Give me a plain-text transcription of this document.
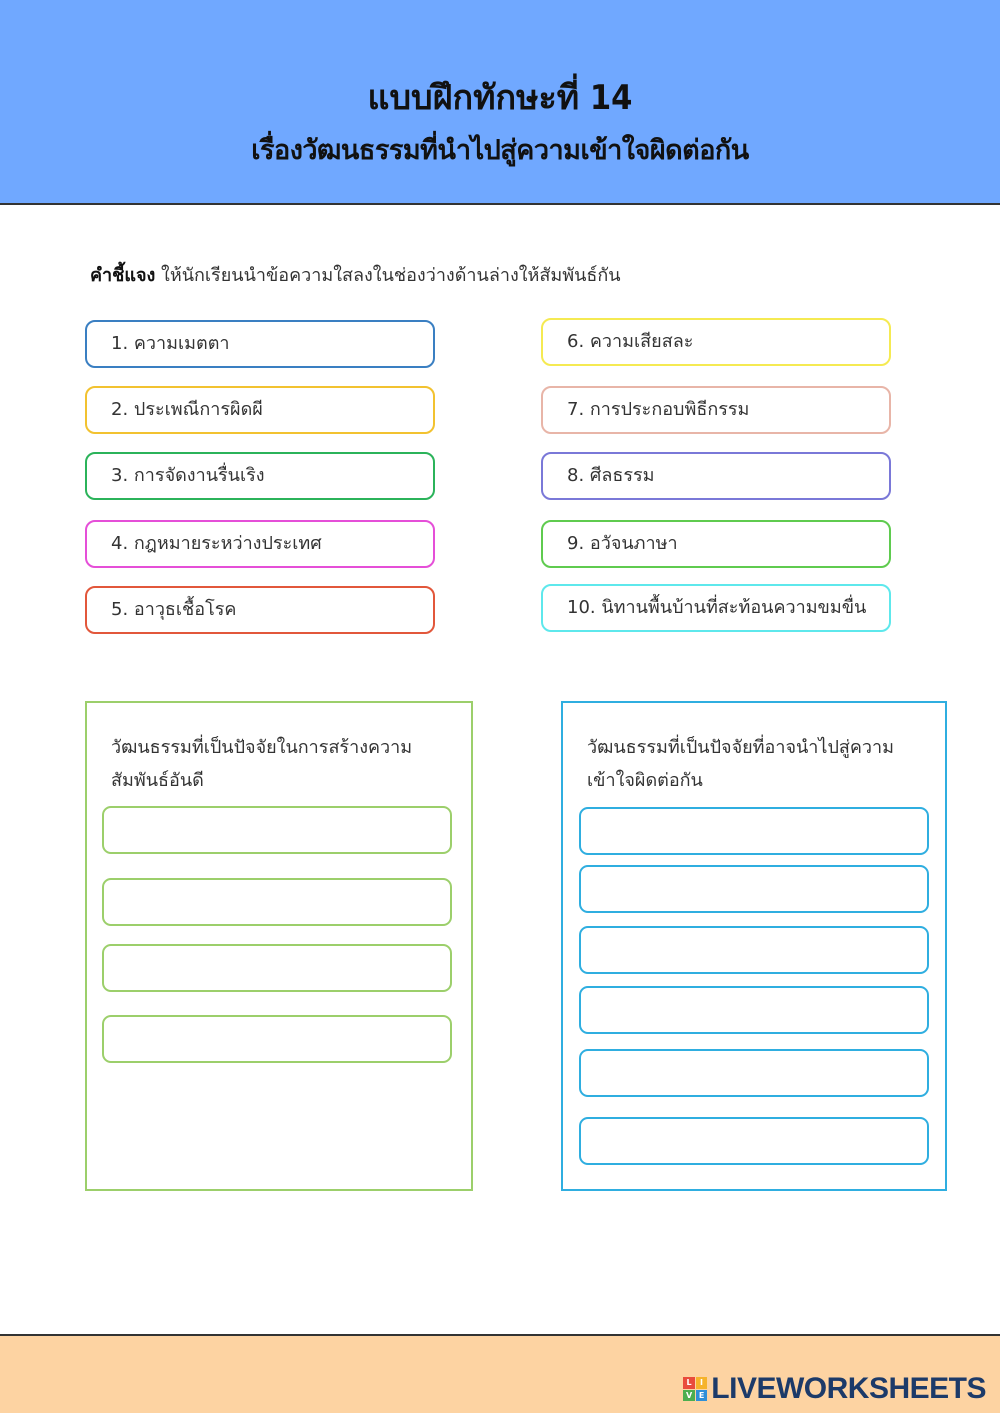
แบบฝึกทักษะที่ 14
เรื่องวัฒนธรรมที่นำไปสู่ความเข้าใจผิดต่อกัน
คำชี้แจง ให้นักเรียนนำข้อความใสลงในช่องว่างด้านล่างให้สัมพันธ์กัน
1. ความเมตตา
2. ประเพณีการผิดผี
3. การจัดงานรื่นเริง
4. กฎหมายระหว่างประเทศ
5. อาวุธเชื้อโรค
6. ความเสียสละ
7. การประกอบพิธีกรรม
8. ศีลธรรม
9. อวัจนภาษา
10. นิทานพื้นบ้านที่สะท้อนความขมขื่น
วัฒนธรรมที่เป็นปัจจัยในการสร้างความสัมพันธ์อันดี
วัฒนธรรมที่เป็นปัจจัยที่อาจนำไปสู่ความเข้าใจผิดต่อกัน
L	I
V E LIVEWORKSHEETS
